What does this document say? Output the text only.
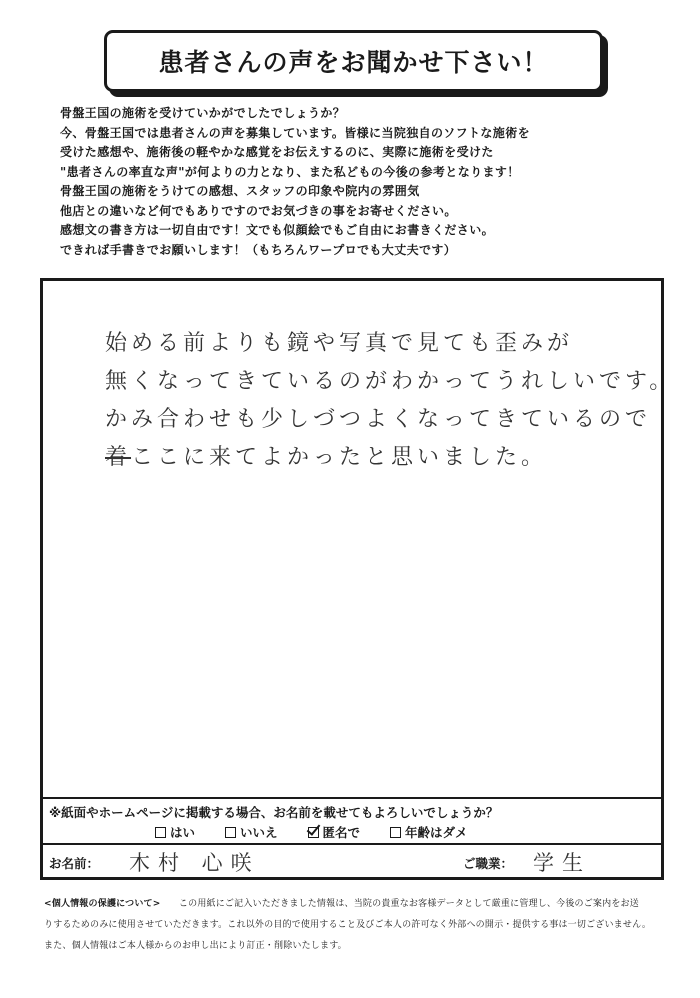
患者さんの声をお聞かせ下さい！
骨盤王国の施術を受けていかがでしたでしょうか？
今、骨盤王国では患者さんの声を募集しています。皆様に当院独自のソフトな施術を
受けた感想や、施術後の軽やかな感覚をお伝えするのに、実際に施術を受けた
"患者さんの率直な声"が何よりの力となり、また私どもの今後の参考となります！
骨盤王国の施術をうけての感想、スタッフの印象や院内の雰囲気
他店との違いなど何でもありですのでお気づきの事をお寄せください。
感想文の書き方は一切自由です！文でも似顔絵でもご自由にお書きください。
できれば手書きでお願いします！（もちろんワープロでも大丈夫です）
始める前よりも鏡や写真で見ても歪みが
無くなってきているのがわかってうれしいです。
かみ合わせも少しづつよくなってきているので
着ここに来てよかったと思いました。
※紙面やホームページに掲載する場合、お名前を載せてもよろしいでしょうか？
はい	いいえ	匿名で	年齢はダメ
お名前： 木村 心咲	ご職業： 学生
<個人情報の保護について>　　 この用紙にご記入いただきました情報は、当院の貴重なお客様データとして厳重に管理し、今後のご案内をお送
りするためのみに使用させていただきます。これ以外の目的で使用すること及びご本人の許可なく外部への開示・提供する事は一切ございません。
また、個人情報はご本人様からのお申し出により訂正・削除いたします。
